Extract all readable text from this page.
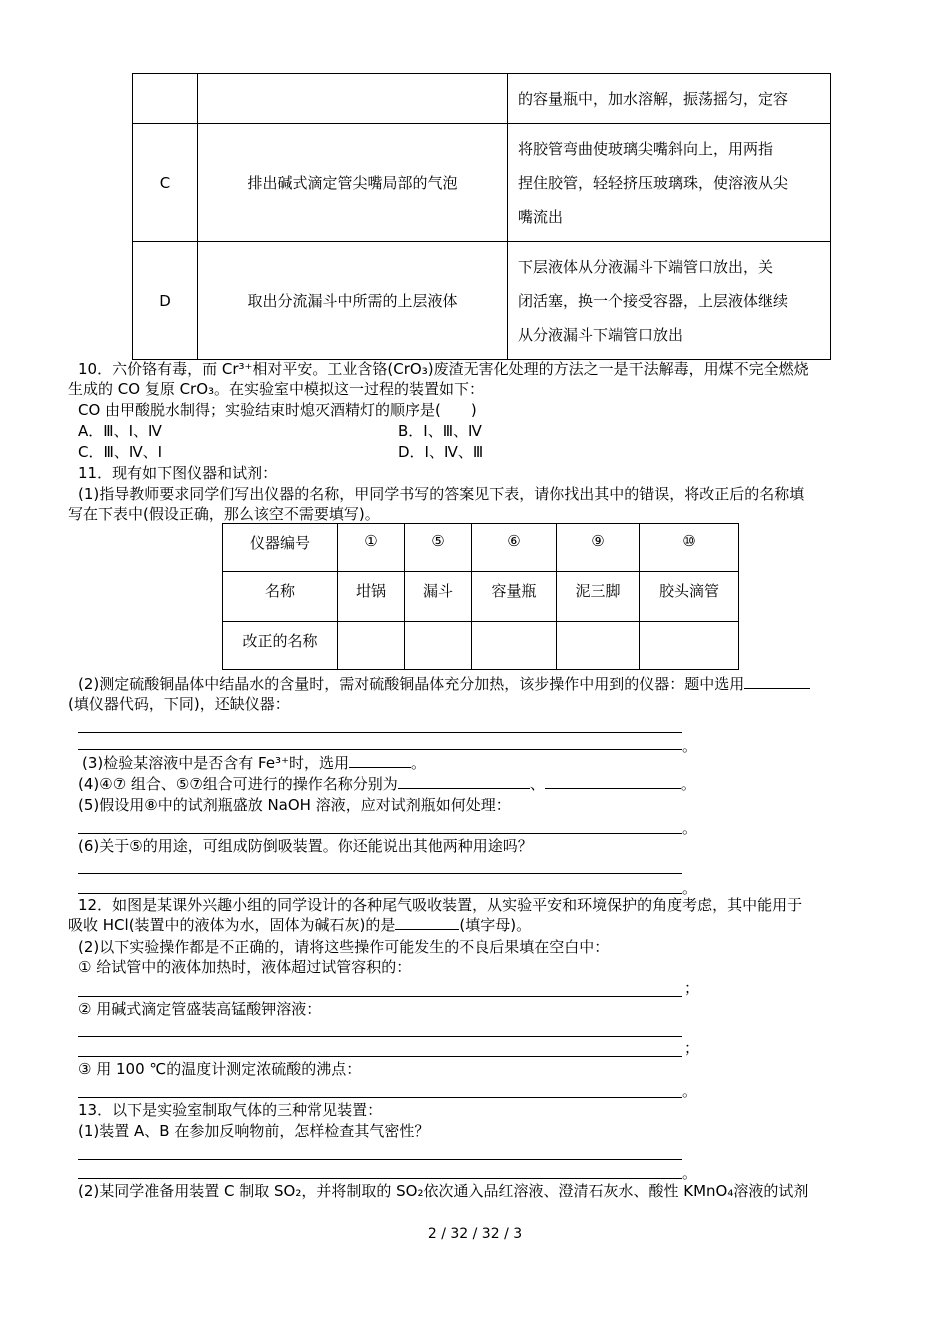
		的容量瓶中，加水溶解，振荡摇匀，定容
C	排出碱式滴定管尖嘴局部的气泡	将胶管弯曲使玻璃尖嘴斜向上，用两指
捏住胶管，轻轻挤压玻璃珠，使溶液从尖
嘴流出

D	取出分流漏斗中所需的上层液体	下层液体从分液漏斗下端管口放出，关
闭活塞，换一个接受容器，上层液体继续
从分液漏斗下端管口放出
10．六价铬有毒，而 Cr³⁺相对平安。工业含铬(CrO₃)废渣无害化处理的方法之一是干法解毒，用煤不完全燃烧
生成的 CO 复原 CrO₃。在实验室中模拟这一过程的装置如下：
CO 由甲酸脱水制得；实验结束时熄灭酒精灯的顺序是(　　)
A．Ⅲ、Ⅰ、Ⅳ	B．Ⅰ、Ⅲ、Ⅳ
C．Ⅲ、Ⅳ、Ⅰ	D．Ⅰ、Ⅳ、Ⅲ
11．现有如下图仪器和试剂：
(1)指导教师要求同学们写出仪器的名称，甲同学书写的答案见下表，请你找出其中的错误，将改正后的名称填
写在下表中(假设正确，那么该空不需要填写)。
仪器编号	①	⑤	⑥	⑨	⑩
名称	坩锅	漏斗	容量瓶	泥三脚	胶头滴管
改正的名称					
(2)测定硫酸铜晶体中结晶水的含量时，需对硫酸铜晶体充分加热，该步操作中用到的仪器：题中选用
(填仪器代码，下同)，还缺仪器：
。
(3)检验某溶液中是否含有 Fe³⁺时，选用	。
(4)④⑦ 组合、⑤⑦组合可进行的操作名称分别为	、	。
(5)假设用⑧中的试剂瓶盛放 NaOH 溶液，应对试剂瓶如何处理：
。
(6)关于⑤的用途，可组成防倒吸装置。你还能说出其他两种用途吗？
。
12．如图是某课外兴趣小组的同学设计的各种尾气吸收装置，从实验平安和环境保护的角度考虑，其中能用于
吸收 HCl(装置中的液体为水，固体为碱石灰)的是	(填字母)。
(2)以下实验操作都是不正确的，请将这些操作可能发生的不良后果填在空白中：
① 给试管中的液体加热时，液体超过试管容积的：
；
② 用碱式滴定管盛装高锰酸钾溶液：
；
③ 用 100 ℃的温度计测定浓硫酸的沸点：
。
13．以下是实验室制取气体的三种常见装置：
(1)装置 A、B 在参加反响物前，怎样检查其气密性？
。
(2)某同学准备用装置 C 制取 SO₂，并将制取的 SO₂依次通入品红溶液、澄清石灰水、酸性 KMnO₄溶液的试剂
2 / 32 / 32 / 3
